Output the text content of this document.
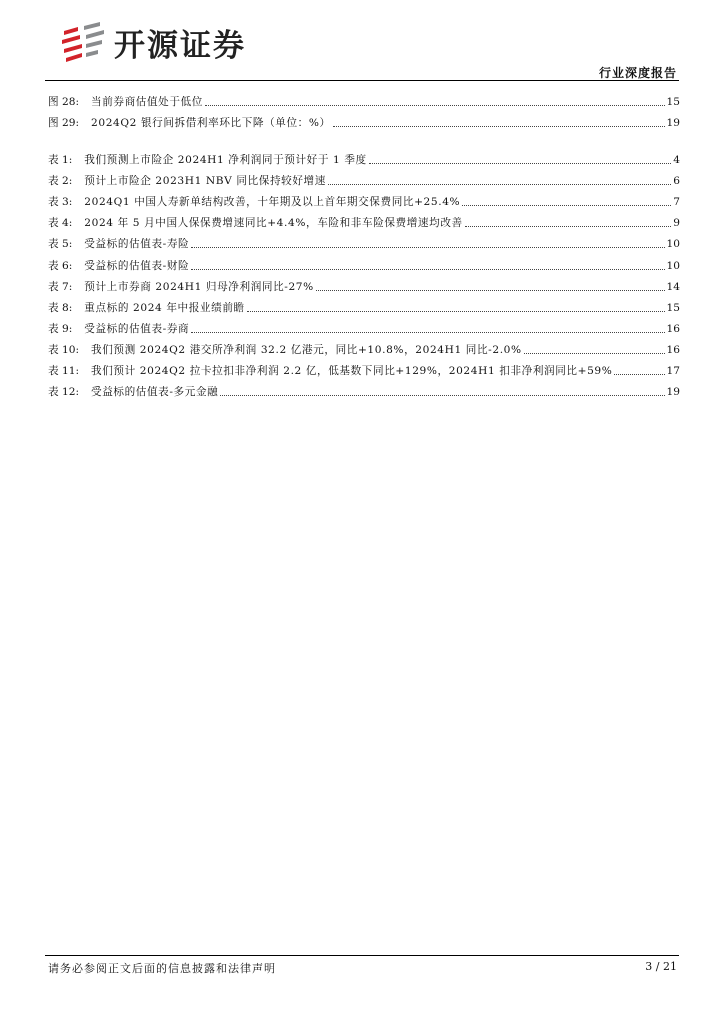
开源证券
行业深度报告
图 28: 当前券商估值处于低位	15
图 29: 2024Q2 银行间拆借利率环比下降（单位：%）	19
表 1: 我们预测上市险企 2024H1 净利润同于预计好于 1 季度	4
表 2: 预计上市险企 2023H1 NBV 同比保持较好增速	6
表 3: 2024Q1 中国人寿新单结构改善，十年期及以上首年期交保费同比+25.4%	7
表 4: 2024 年 5 月中国人保保费增速同比+4.4%，车险和非车险保费增速均改善	9
表 5: 受益标的估值表-寿险	10
表 6: 受益标的估值表-财险	10
表 7: 预计上市券商 2024H1 归母净利润同比-27%	14
表 8: 重点标的 2024 年中报业绩前瞻	15
表 9: 受益标的估值表-券商	16
表 10: 我们预测 2024Q2 港交所净利润 32.2 亿港元，同比+10.8%，2024H1 同比-2.0%	16
表 11: 我们预计 2024Q2 拉卡拉扣非净利润 2.2 亿，低基数下同比+129%，2024H1 扣非净利润同比+59%	17
表 12: 受益标的估值表-多元金融	19
请务必参阅正文后面的信息披露和法律声明	3 / 21
